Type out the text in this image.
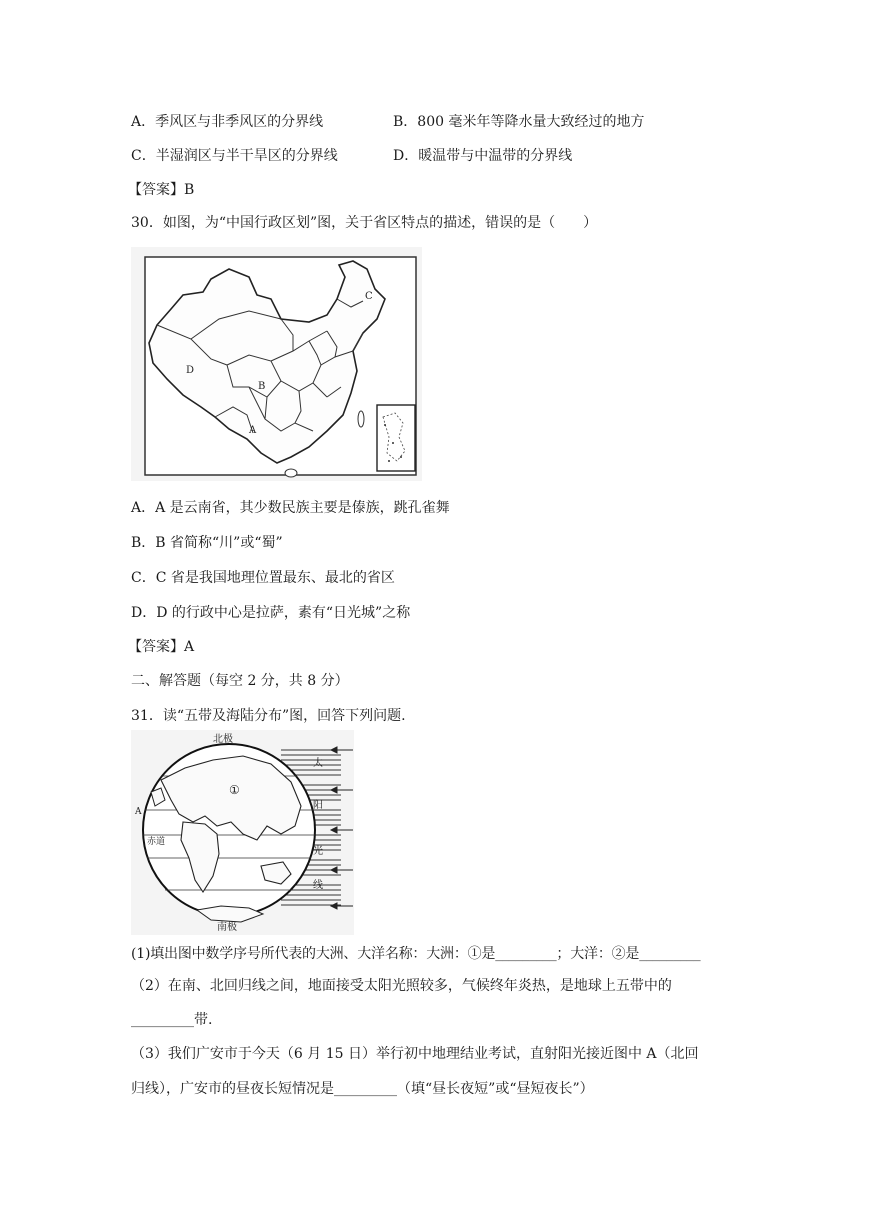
A．季风区与非季风区的分界线	B．800 毫米年等降水量大致经过的地方
C．半湿润区与半干旱区的分界线	D．暖温带与中温带的分界线
【答案】B
30．如图，为“中国行政区划”图，关于省区特点的描述，错误的是（　　）
D
B
A
C
A．A 是云南省，其少数民族主要是傣族，跳孔雀舞
B．B 省简称“川”或“蜀”
C．C 省是我国地理位置最东、最北的省区
D．D 的行政中心是拉萨，素有“日光城”之称
【答案】A
二、解答题（每空 2 分，共 8 分）
31．读“五带及海陆分布”图，回答下列问题.
北极
南极
赤道
①
A
太
阳
光
线
(1)填出图中数学序号所代表的大洲、大洋名称：大洲：①是_________；大洋：②是_________
（2）在南、北回归线之间，地面接受太阳光照较多，气候终年炎热，是地球上五带中的
_________带.
（3）我们广安市于今天（6 月 15 日）举行初中地理结业考试，直射阳光接近图中 A（北回
归线），广安市的昼夜长短情况是_________（填“昼长夜短”或“昼短夜长”）
